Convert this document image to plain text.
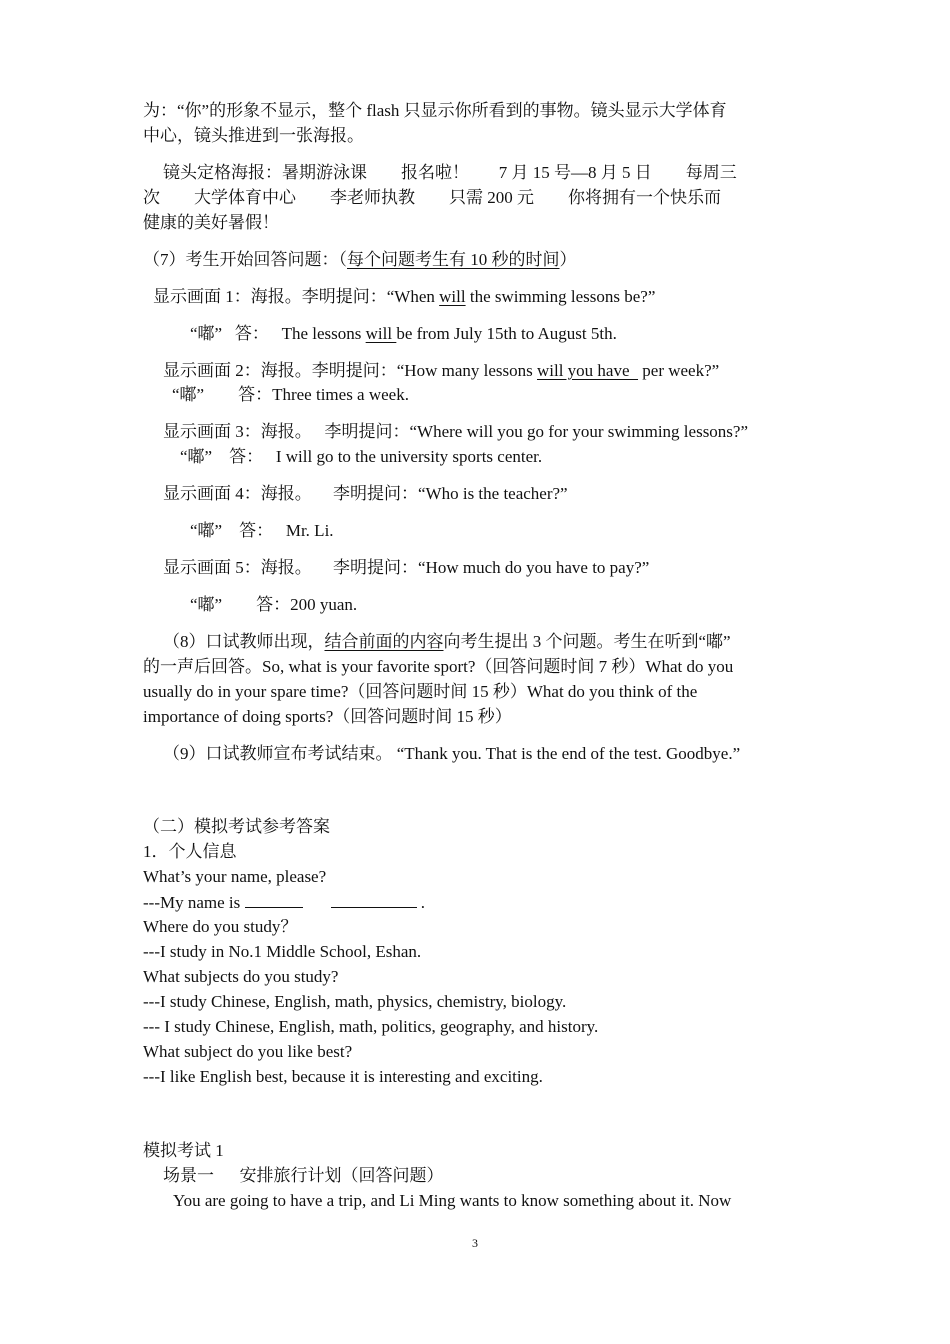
为：“你”的形象不显示，整个 flash 只显示你所看到的事物。镜头显示大学体育
中心，镜头推进到一张海报。
镜头定格海报：暑期游泳课        报名啦！       7 月 15 号—8 月 5 日        每周三
次        大学体育中心        李老师执教        只需 200 元        你将拥有一个快乐而
健康的美好暑假！
（7）考生开始回答问题：（每个问题考生有 10 秒的时间）
显示画面 1：海报。李明提问：“When will the swimming lessons be?”
“嘟”   答：   The lessons will be from July 15th to August 5th.
显示画面 2：海报。李明提问：“How many lessons will you have   per week?”
“嘟”        答：Three times a week.
显示画面 3：海报。   李明提问：“Where will you go for your swimming lessons?”
“嘟”    答：   I will go to the university sports center.
显示画面 4：海报。     李明提问：“Who is the teacher?”
“嘟”    答：   Mr. Li.
显示画面 5：海报。     李明提问：“How much do you have to pay?”
“嘟”        答：200 yuan.
（8）口试教师出现，结合前面的内容向考生提出 3 个问题。考生在听到“嘟”
的一声后回答。So, what is your favorite sport?（回答问题时间 7 秒）What do you
usually do in your spare time?（回答问题时间 15 秒）What do you think of the
importance of doing sports?（回答问题时间 15 秒）
（9）口试教师宣布考试结束。 “Thank you. That is the end of the test. Goodbye.”
（二）模拟考试参考答案
1．个人信息
What’s your name, please?
---My name is	.
Where do you study？
---I study in No.1 Middle School, Eshan.
What subjects do you study?
---I study Chinese, English, math, physics, chemistry, biology.
--- I study Chinese, English, math, politics, geography, and history.
What subject do you like best?
---I like English best, because it is interesting and exciting.
模拟考试 1
场景一      安排旅行计划（回答问题）
You are going to have a trip, and Li Ming wants to know something about it. Now
3
